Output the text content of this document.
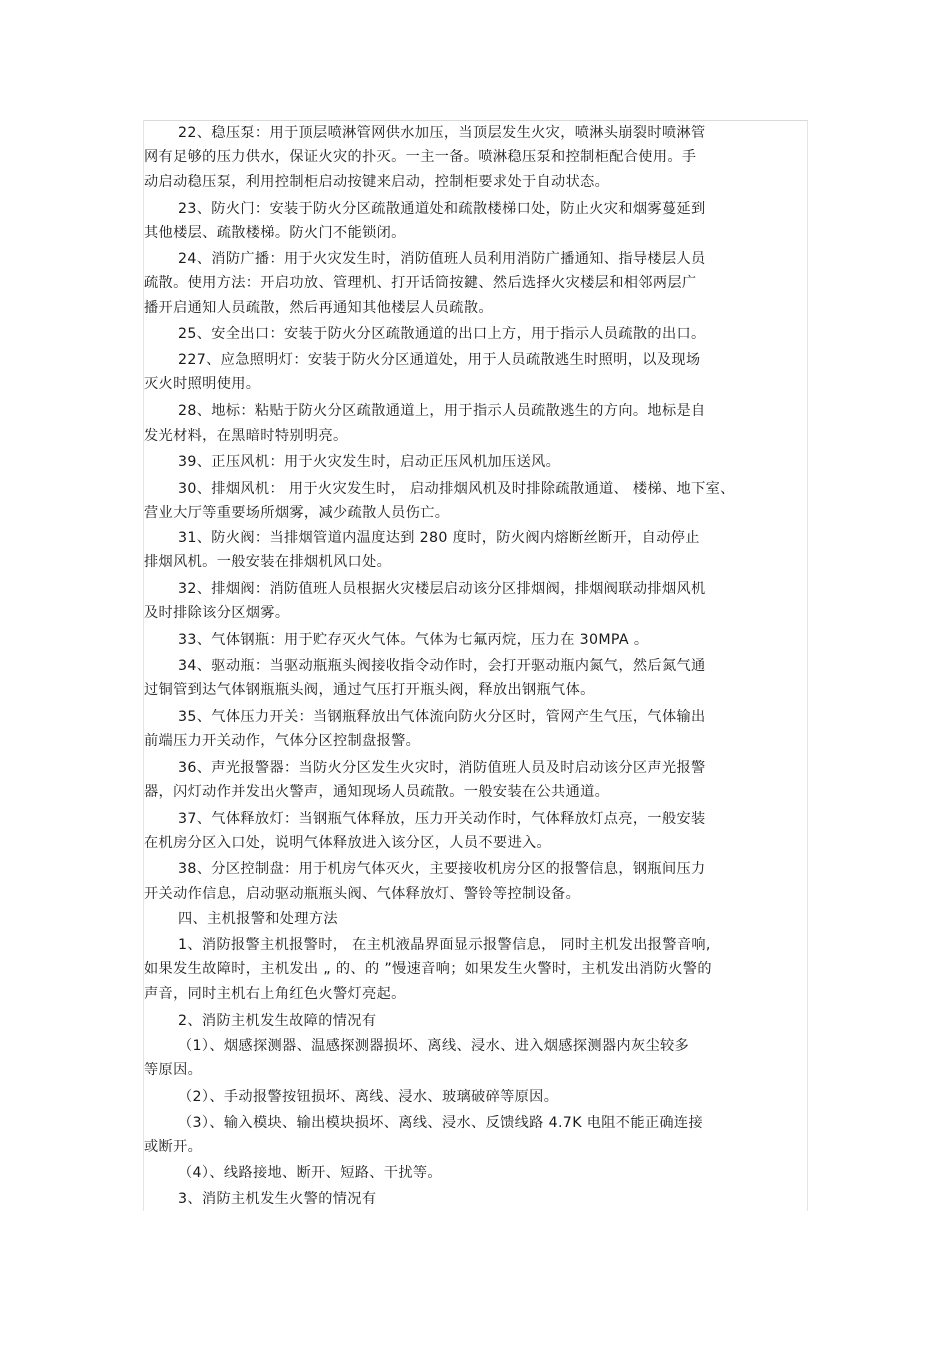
22、稳压泵：用于顶层喷淋管网供水加压，当顶层发生火灾，喷淋头崩裂时喷淋管
网有足够的压力供水，保证火灾的扑灭。一主一备。喷淋稳压泵和控制柜配合使用。手
动启动稳压泵，利用控制柜启动按键来启动，控制柜要求处于自动状态。
23、防火门：安装于防火分区疏散通道处和疏散楼梯口处，防止火灾和烟雾蔓延到
其他楼层、疏散楼梯。防火门不能锁闭。
24、消防广播：用于火灾发生时，消防值班人员利用消防广播通知、指导楼层人员
疏散。使用方法：开启功放、管理机、打开话筒按鍵、然后选择火灾楼层和相邻两层广
播开启通知人员疏散，然后再通知其他楼层人员疏散。
25、安全出口：安装于防火分区疏散通道的出口上方，用于指示人员疏散的出口。
227、应急照明灯：安装于防火分区通道处，用于人员疏散逃生时照明，以及现场
灭火时照明使用。
28、地标：粘贴于防火分区疏散通道上，用于指示人员疏散逃生的方向。地标是自
发光材料，在黑暗时特别明亮。
39、正压风机：用于火灾发生时，启动正压风机加压送风。
30、排烟风机： 用于火灾发生时， 启动排烟风机及时排除疏散通道、 楼梯、地下室、
营业大厅等重要场所烟雾，减少疏散人员伤亡。
31、防火阀：当排烟管道内温度达到 280 度时，防火阀内熔断丝断开，自动停止
排烟风机。一般安装在排烟机风口处。
32、排烟阀：消防值班人员根据火灾楼层启动该分区排烟阀，排烟阀联动排烟风机
及时排除该分区烟雾。
33、气体钢瓶：用于贮存灭火气体。气体为七氟丙烷，压力在 30MPA 。
34、驱动瓶：当驱动瓶瓶头阀接收指令动作时，会打开驱动瓶内氮气，然后氮气通
过铜管到达气体钢瓶瓶头阀，通过气压打开瓶头阀，释放出钢瓶气体。
35、气体压力开关：当钢瓶释放出气体流向防火分区时，管网产生气压，气体输出
前端压力开关动作，气体分区控制盘报警。
36、声光报警器：当防火分区发生火灾时，消防值班人员及时启动该分区声光报警
器，闪灯动作并发出火警声，通知现场人员疏散。一般安装在公共通道。
37、气体释放灯：当钢瓶气体释放，压力开关动作时，气体释放灯点亮，一般安装
在机房分区入口处，说明气体释放进入该分区，人员不要进入。
38、分区控制盘：用于机房气体灭火，主要接收机房分区的报警信息，钢瓶间压力
开关动作信息，启动驱动瓶瓶头阀、气体释放灯、警铃等控制设备。
四、主机报警和处理方法
1、消防报警主机报警时， 在主机液晶界面显示报警信息， 同时主机发出报警音响,
如果发生故障时，主机发出 „ 的、的 ”慢速音响；如果发生火警时，主机发出消防火警的
声音，同时主机右上角红色火警灯亮起。
2、消防主机发生故障的情况有
（1）、烟感探测器、温感探测器损坏、离线、浸水、进入烟感探测器内灰尘较多
等原因。
（2）、手动报警按钮损坏、离线、浸水、玻璃破碎等原因。
（3）、输入模块、输出模块损坏、离线、浸水、反馈线路 4.7K 电阻不能正确连接
或断开。
（4）、线路接地、断开、短路、干扰等。
3、消防主机发生火警的情况有
